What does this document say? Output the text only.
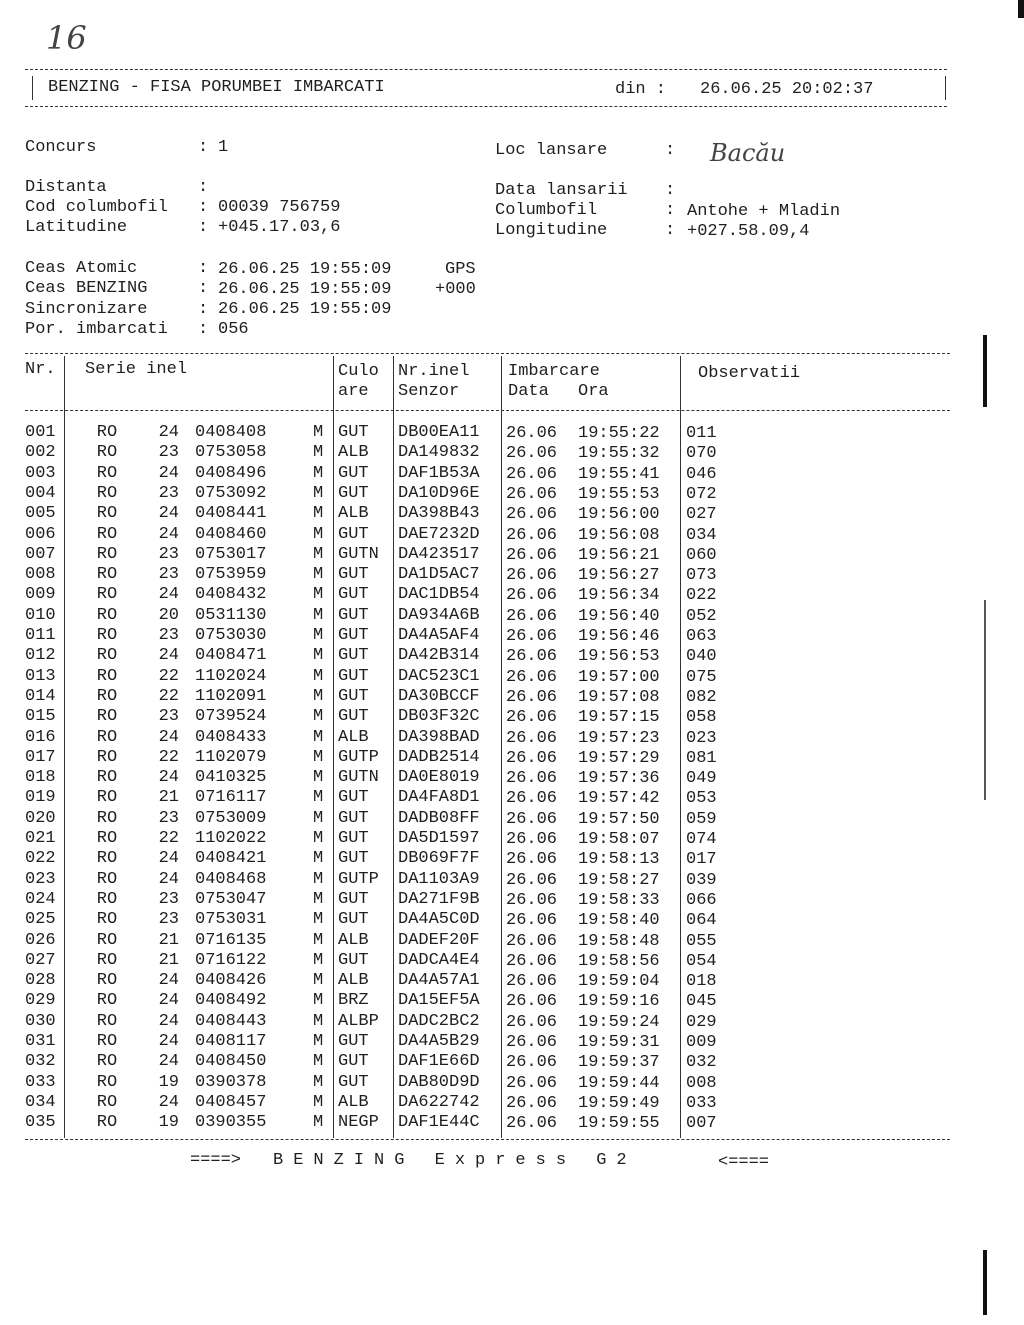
16
BENZING - FISA PORUMBEI IMBARCATI	din : 26.06.25 20:02:37
Concurs	: 1	Loc lansare	: Bacău
Distanta	:	Data lansarii :
Cod columbofil : 00039 756759	Columbofil	: Antohe + Mladin
Latitudine	: +045.17.03,6	Longitudine	: +027.58.09,4
Ceas Atomic	: 26.06.25 19:55:09	GPS
Ceas BENZING	: 26.06.25 19:55:09	+000
Sincronizare	: 26.06.25 19:55:09
Por. imbarcati : 056
Nr. Serie inel	Culo
are
Nr.inel
Senzor
Imbarcare
Data Ora
Observatii
001	RO	24 0408408	M GUT DB00EA11 26.06 19:55:22 011
002	RO	23 0753058	M ALB DA149832 26.06 19:55:32 070
003	RO	24 0408496	M GUT DAF1B53A 26.06 19:55:41 046
004	RO	23 0753092	M GUT DA10D96E 26.06 19:55:53 072
005	RO	24 0408441	M ALB DA398B43 26.06 19:56:00 027
006	RO	24 0408460	M GUT DAE7232D 26.06 19:56:08 034
007	RO	23 0753017	M GUTN DA423517 26.06 19:56:21 060
008	RO	23 0753959	M GUT DA1D5AC7 26.06 19:56:27 073
009	RO	24 0408432	M GUT DAC1DB54 26.06 19:56:34 022
010	RO	20 0531130	M GUT DA934A6B 26.06 19:56:40 052
011	RO	23 0753030	M GUT DA4A5AF4 26.06 19:56:46 063
012	RO	24 0408471	M GUT DA42B314 26.06 19:56:53 040
013	RO	22 1102024	M GUT DAC523C1 26.06 19:57:00 075
014	RO	22 1102091	M GUT DA30BCCF 26.06 19:57:08 082
015	RO	23 0739524	M GUT DB03F32C 26.06 19:57:15 058
016	RO	24 0408433	M ALB DA398BAD 26.06 19:57:23 023
017	RO	22 1102079	M GUTP DADB2514 26.06 19:57:29 081
018	RO	24 0410325	M GUTN DA0E8019 26.06 19:57:36 049
019	RO	21 0716117	M GUT DA4FA8D1 26.06 19:57:42 053
020	RO	23 0753009	M GUT DADB08FF 26.06 19:57:50 059
021	RO	22 1102022	M GUT DA5D1597 26.06 19:58:07 074
022	RO	24 0408421	M GUT DB069F7F 26.06 19:58:13 017
023	RO	24 0408468	M GUTP DA1103A9 26.06 19:58:27 039
024	RO	23 0753047	M GUT DA271F9B 26.06 19:58:33 066
025	RO	23 0753031	M GUT DA4A5C0D 26.06 19:58:40 064
026	RO	21 0716135	M ALB DADEF20F 26.06 19:58:48 055
027	RO	21 0716122	M GUT DADCA4E4 26.06 19:58:56 054
028	RO	24 0408426	M ALB DA4A57A1 26.06 19:59:04 018
029	RO	24 0408492	M BRZ DA15EF5A 26.06 19:59:16 045
030	RO	24 0408443	M ALBP DADC2BC2 26.06 19:59:24 029
031	RO	24 0408117	M GUT DA4A5B29 26.06 19:59:31 009
032	RO	24 0408450	M GUT DAF1E66D 26.06 19:59:37 032
033	RO	19 0390378	M GUT DAB80D9D 26.06 19:59:44 008
034	RO	24 0408457	M ALB DA622742 26.06 19:59:49 033
035	RO	19 0390355	M NEGP DAF1E44C 26.06 19:59:55 007
====> BENZING Express G2	<====
